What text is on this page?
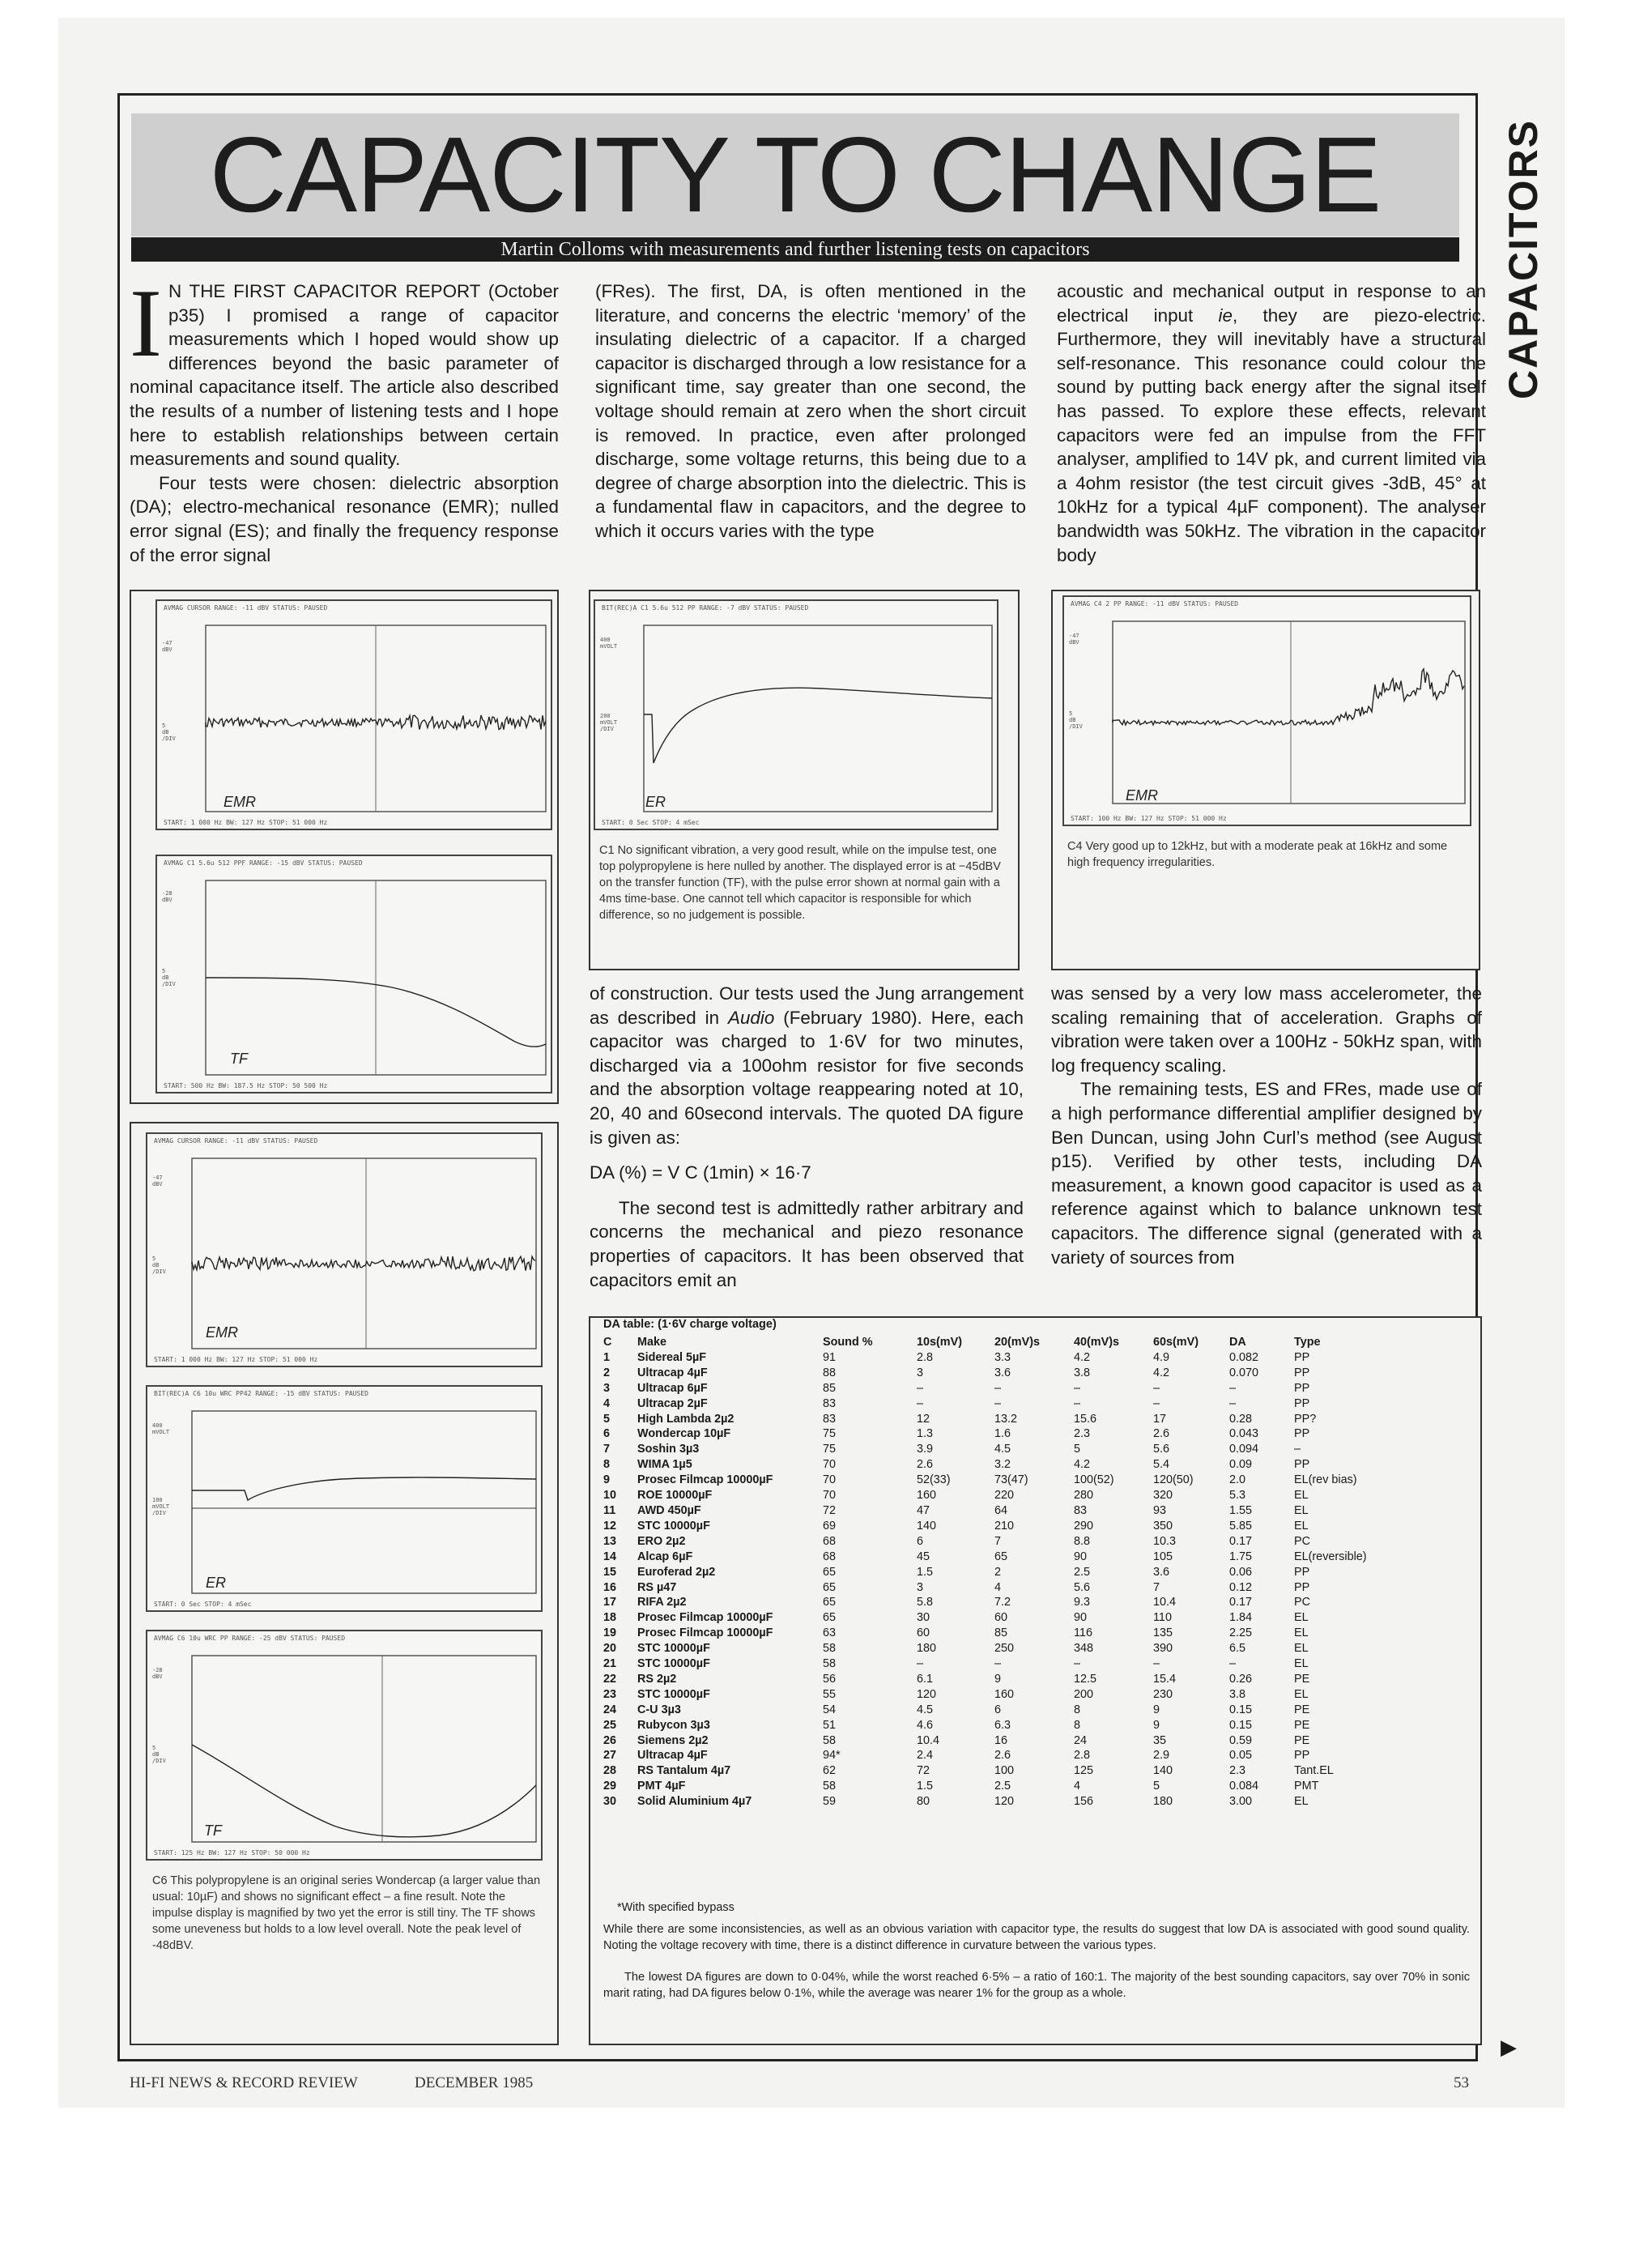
CAPACITY TO CHANGE
Martin Colloms with measurements and further listening tests on capacitors	CAPACITORS

I N THE FIRST CAPACITOR REPORT (October p35) I promised a range of capacitor measurements which I hoped would show up differences beyond the basic parameter of nominal capacitance itself. The article also described the results of a number of listening tests and I hope here to establish relationships between certain measurements and sound quality.

Four tests were chosen: dielectric absorption (DA); electro-mechanical resonance (EMR); nulled error signal (ES); and finally the frequency response of the error signal

(FRes). The first, DA, is often mentioned in the literature, and concerns the electric ‘memory’ of the insulating dielectric of a capacitor. If a charged capacitor is discharged through a low resistance for a significant time, say greater than one second, the voltage should remain at zero when the short circuit is removed. In practice, even after prolonged discharge, some voltage returns, this being due to a degree of charge absorption into the dielectric. This is a fundamental flaw in capacitors, and the degree to which it occurs varies with the type

acoustic and mechanical output in response to an electrical input ie, they are piezo-electric. Furthermore, they will inevitably have a structural self-resonance. This resonance could colour the sound by putting back energy after the signal itself has passed. To explore these effects, relevant capacitors were fed an impulse from the FFT analyser, amplified to 14V pk, and current limited via a 4ohm resistor (the test circuit gives -3dB, 45° at 10kHz for a typical 4µF component). The analyser bandwidth was 50kHz. The vibration in the capacitor body

AVMAG CURSOR RANGE: -11 dBV STATUS: PAUSED
-47
dBV
5
dB
/DIV
EMR
START: 1 000 Hz BW: 127 Hz STOP: 51 000 Hz
AVMAG C1 5.6u 512 PPF RANGE: -15 dBV STATUS: PAUSED
-28
dBV
5
dB
/DIV
TF
START: 500 Hz BW: 187.5 Hz STOP: 50 500 Hz
BIT(REC)A C1 5.6u 512 PP RANGE: -7 dBV STATUS: PAUSED
400
mVOLT
200
mVOLT
/DIV
ER
START: 0 Sec STOP: 4 mSec
C1 No significant vibration, a very good result, while on the impulse test, one top polypropylene is here nulled by another. The displayed error is at −45dBV on the transfer function (TF), with the pulse error shown at normal gain with a 4ms time-base. One cannot tell which capacitor is responsible for which difference, so no judgement is possible.
AVMAG C4 2 PP RANGE: -11 dBV STATUS: PAUSED
-47
dBV
5
dB
/DIV
EMR
START: 100 Hz BW: 127 Hz STOP: 51 000 Hz
C4 Very good up to 12kHz, but with a moderate peak at 16kHz and some high frequency irregularities.
AVMAG CURSOR RANGE: -11 dBV STATUS: PAUSED
-47
dBV
5
dB
/DIV
EMR
START: 1 000 Hz BW: 127 Hz STOP: 51 000 Hz
BIT(REC)A C6 10u WRC PP42 RANGE: -15 dBV STATUS: PAUSED
400
mVOLT
100
mVOLT
/DIV
ER
START: 0 Sec STOP: 4 mSec
AVMAG C6 10u WRC PP RANGE: -25 dBV STATUS: PAUSED
-28
dBV
5
dB
/DIV
TF
START: 125 Hz BW: 127 Hz STOP: 50 000 Hz
C6 This polypropylene is an original series Wondercap (a larger value than usual: 10µF) and shows no significant effect – a fine result. Note the impulse display is magnified by two yet the error is still tiny. The TF shows some uneveness but holds to a low level overall. Note the peak level of -48dBV.

of construction. Our tests used the Jung arrangement as described in Audio (February 1980). Here, each capacitor was charged to 1·6V for two minutes, discharged via a 100ohm resistor for five seconds and the absorption voltage reappearing noted at 10, 20, 40 and 60second intervals. The quoted DA figure is given as:

DA (%) = V C (1min) × 16·7

The second test is admittedly rather arbitrary and concerns the mechanical and piezo resonance properties of capacitors. It has been observed that capacitors emit an

was sensed by a very low mass accelerometer, the scaling remaining that of acceleration. Graphs of vibration were taken over a 100Hz - 50kHz span, with log frequency scaling.

The remaining tests, ES and FRes, made use of a high performance differential amplifier designed by Ben Duncan, using John Curl’s method (see August p15). Verified by other tests, including DA measurement, a known good capacitor is used as a reference against which to balance unknown test capacitors. The difference signal (generated with a variety of sources from

DA table: (1·6V charge voltage)
C	Make	Sound %	10s(mV)	20(mV)s	40(mV)s	60s(mV)	DA	Type
1	Sidereal 5µF	91	2.8	3.3	4.2	4.9	0.082	PP
2	Ultracap 4µF	88	3	3.6	3.8	4.2	0.070	PP
3	Ultracap 6µF	85	–	–	–	–	–	PP
4	Ultracap 2µF	83	–	–	–	–	–	PP
5	High Lambda 2µ2	83	12	13.2	15.6	17	0.28	PP?
6	Wondercap 10µF	75	1.3	1.6	2.3	2.6	0.043	PP
7	Soshin 3µ3	75	3.9	4.5	5	5.6	0.094	–
8	WIMA 1µ5	70	2.6	3.2	4.2	5.4	0.09	PP
9	Prosec Filmcap 10000µF	70	52(33)	73(47)	100(52)	120(50)	2.0	EL(rev bias)
10	ROE 10000µF	70	160	220	280	320	5.3	EL
11	AWD 450µF	72	47	64	83	93	1.55	EL
12	STC 10000µF	69	140	210	290	350	5.85	EL
13	ERO 2µ2	68	6	7	8.8	10.3	0.17	PC
14	Alcap 6µF	68	45	65	90	105	1.75	EL(reversible)
15	Euroferad 2µ2	65	1.5	2	2.5	3.6	0.06	PP
16	RS µ47	65	3	4	5.6	7	0.12	PP
17	RIFA 2µ2	65	5.8	7.2	9.3	10.4	0.17	PC
18	Prosec Filmcap 10000µF	65	30	60	90	110	1.84	EL
19	Prosec Filmcap 10000µF	63	60	85	116	135	2.25	EL
20	STC 10000µF	58	180	250	348	390	6.5	EL
21	STC 10000µF	58	–	–	–	–	–	EL
22	RS 2µ2	56	6.1	9	12.5	15.4	0.26	PE
23	STC 10000µF	55	120	160	200	230	3.8	EL
24	C-U 3µ3	54	4.5	6	8	9	0.15	PE
25	Rubycon 3µ3	51	4.6	6.3	8	9	0.15	PE
26	Siemens 2µ2	58	10.4	16	24	35	0.59	PE
27	Ultracap 4µF	94*	2.4	2.6	2.8	2.9	0.05	PP
28	RS Tantalum 4µ7	62	72	100	125	140	2.3	Tant.EL
29	PMT 4µF	58	1.5	2.5	4	5	0.084	PMT
30	Solid Aluminium 4µ7	59	80	120	156	180	3.00	EL
*With specified bypass
While there are some inconsistencies, as well as an obvious variation with capacitor type, the results do suggest that low DA is associated with good sound quality. Noting the voltage recovery with time, there is a distinct difference in curvature between the various types.
The lowest DA figures are down to 0·04%, while the worst reached 6·5% – a ratio of 160:1. The majority of the best sounding capacitors, say over 70% in sonic marit rating, had DA figures below 0·1%, while the average was nearer 1% for the group as a whole.
HI-FI NEWS & RECORD REVIEW	DECEMBER 1985	53
▶
